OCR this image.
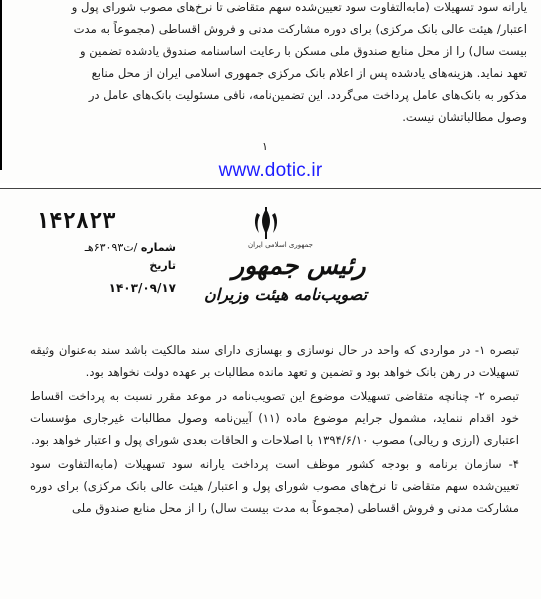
یارانه سود تسهیلات (مابه‌التفاوت سود تعیین‌شده سهم متقاضی تا نرخ‌های مصوب شورای پول و

اعتبار/ هیئت عالی بانک مرکزی) برای دوره مشارکت مدنی و فروش اقساطی (مجموعاً به مدت

بیست سال) را از محل منابع صندوق ملی مسکن با رعایت اساسنامه صندوق یادشده تضمین و

تعهد نماید. هزینه‌های یادشده پس از اعلام بانک مرکزی جمهوری اسلامی ایران از محل منابع

مذکور به بانک‌های عامل پرداخت می‌گردد. این تضمین‌نامه، نافی مسئولیت بانک‌های عامل در

وصول مطالباتشان نیست.

۱
www.dotic.ir
۱۴۲۸۲۳
شماره /ت۶۳۰۹۳هـ
تاریخ
۱۴۰۳/۰۹/۱۷
جمهوری اسلامی ایران
رئیس جمهور
تصویب‌نامه هیئت وزیران

تبصره ۱- در مواردی که واحد در حال نوسازی و بهسازی دارای سند مالکیت باشد سند به‌عنوان وثیقه تسهیلات در رهن بانک خواهد بود و تضمین و تعهد مانده مطالبات بر عهده دولت نخواهد بود.

تبصره ۲- چنانچه متقاضی تسهیلات موضوع این تصویب‌نامه در موعد مقرر نسبت به پرداخت اقساط خود اقدام ننماید، مشمول جرایم موضوع ماده (۱۱) آیین‌نامه وصول مطالبات غیرجاری مؤسسات اعتباری (ارزی و ریالی) مصوب ۱۳۹۴/۶/۱۰ با اصلاحات و الحاقات بعدی شورای پول و اعتبار خواهد بود.

۴- سازمان برنامه و بودجه کشور موظف است پرداخت یارانه سود تسهیلات (مابه‌التفاوت سود تعیین‌شده سهم متقاضی تا نرخ‌های مصوب شورای پول و اعتبار/ هیئت عالی بانک مرکزی) برای دوره مشارکت مدنی و فروش اقساطی (مجموعاً به مدت بیست سال) را از محل منابع صندوق ملی
